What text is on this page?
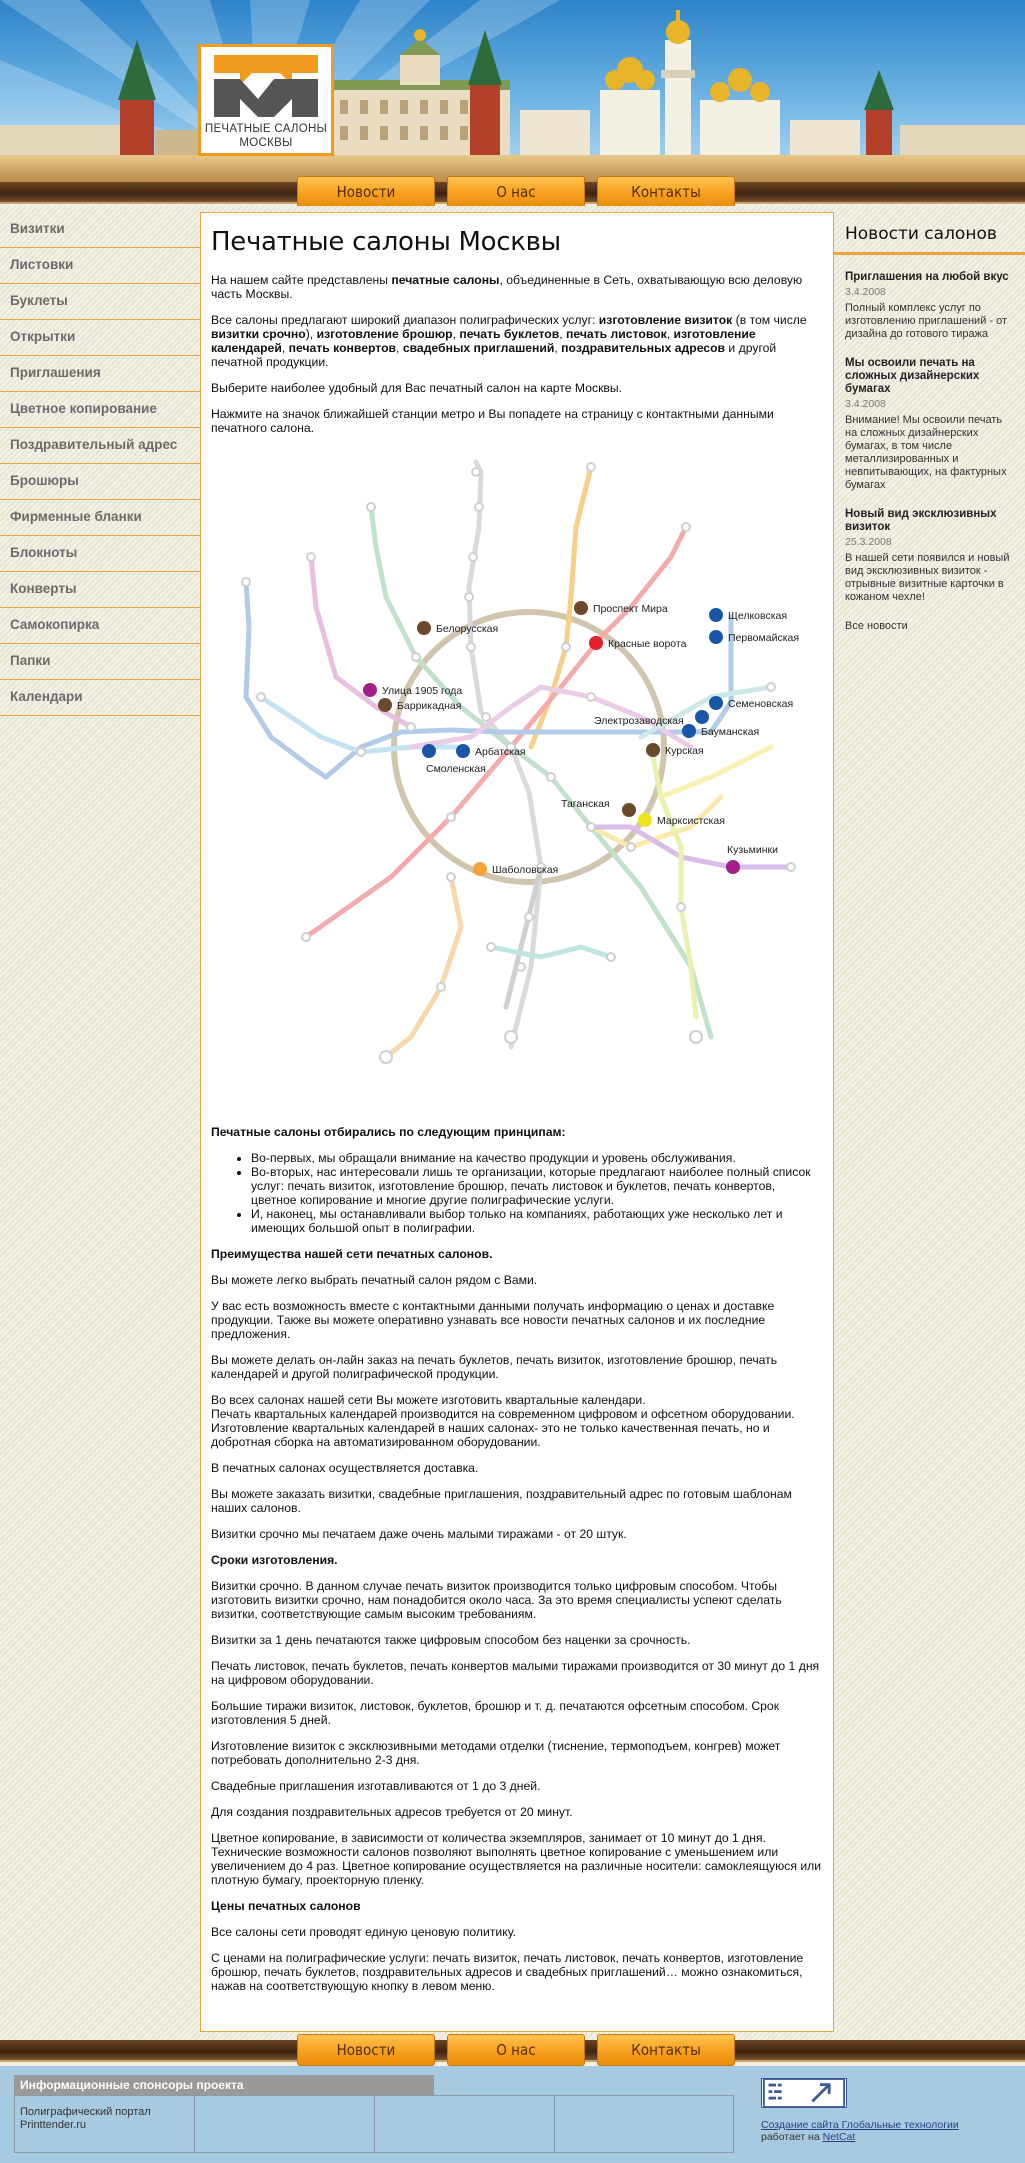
ПЕЧАТНЫЕ САЛОНЫ
МОСКВЫ
Новости	О нас	Контакты
Визитки
Листовки
Буклеты
Открытки
Приглашения
Цветное копирование
Поздравительный адрес
Брошюры
Фирменные бланки
Блокноты
Конверты
Самокопирка
Папки
Календари
Печатные салоны Москвы

На нашем сайте представлены печатные салоны, объединенные в Сеть, охватывающую всю деловую часть Москвы.

Все салоны предлагают широкий диапазон полиграфических услуг: изготовление визиток (в том числе визитки срочно), изготовление брошюр, печать буклетов, печать листовок, изготовление календарей, печать конвертов, свадебных приглашений, поздравительных адресов и другой печатной продукции.

Выберите наиболее удобный для Вас печатный салон на карте Москвы.

Нажмите на значок ближайшей станции метро и Вы попадете на страницу с контактными данными печатного салона.

Проспект Мира
Белорусская
Красные ворота
Щелковская
Первомайская
Улица 1905 года
Баррикадная
Электрозаводская
Семеновская
Бауманская
Арбатская	Курская
Смоленская
Таганская
Марксистская
Кузьминки
Шаболовская

Печатные салоны отбирались по следующим принципам:

• Во-первых, мы обращали внимание на качество продукции и уровень обслуживания.
• Во-вторых, нас интересовали лишь те организации, которые предлагают наиболее полный список услуг: печать визиток, изготовление брошюр, печать листовок и буклетов, печать конвертов, цветное копирование и многие другие полиграфические услуги.
• И, наконец, мы останавливали выбор только на компаниях, работающих уже несколько лет и имеющих большой опыт в полиграфии.

Преимущества нашей сети печатных салонов.

Вы можете легко выбрать печатный салон рядом с Вами.

У вас есть возможность вместе с контактными данными получать информацию о ценах и доставке продукции. Также вы можете оперативно узнавать все новости печатных салонов и их последние предложения.

Вы можете делать он-лайн заказ на печать буклетов, печать визиток, изготовление брошюр, печать календарей и другой полиграфической продукции.

Во всех салонах нашей сети Вы можете изготовить квартальные календари.
Печать квартальных календарей производится на современном цифровом и офсетном оборудовании. Изготовление квартальных календарей в наших салонах- это не только качественная печать, но и добротная сборка на автоматизированном оборудовании.

В печатных салонах осуществляется доставка.

Вы можете заказать визитки, свадебные приглашения, поздравительный адрес по готовым шаблонам наших салонов.

Визитки срочно мы печатаем даже очень малыми тиражами - от 20 штук.

Сроки изготовления.

Визитки срочно. В данном случае печать визиток производится только цифровым способом. Чтобы изготовить визитки срочно, нам понадобится около часа. За это время специалисты успеют сделать визитки, соответствующие самым высоким требованиям.

Визитки за 1 день печатаются также цифровым способом без наценки за срочность.

Печать листовок, печать буклетов, печать конвертов малыми тиражами производится от 30 минут до 1 дня на цифровом оборудовании.

Большие тиражи визиток, листовок, буклетов, брошюр и т. д. печатаются офсетным способом. Срок изготовления 5 дней.

Изготовление визиток с эксклюзивными методами отделки (тиснение, термоподъем, конгрев) может потребовать дополнительно 2-3 дня.

Свадебные приглашения изготавливаются от 1 до 3 дней.

Для создания поздравительных адресов требуется от 20 минут.

Цветное копирование, в зависимости от количества экземпляров, занимает от 10 минут до 1 дня. Технические возможности салонов позволяют выполнять цветное копирование с уменьшением или увеличением до 4 раз. Цветное копирование осуществляется на различные носители: самоклеящуюся или плотную бумагу, проекторную пленку.

Цены печатных салонов

Все салоны сети проводят единую ценовую политику.

С ценами на полиграфические услуги: печать визиток, печать листовок, печать конвертов, изготовление брошюр, печать буклетов, поздравительных адресов и свадебных приглашений… можно ознакомиться, нажав на соответствующую кнопку в левом меню.

Новости салонов
Приглашения на любой вкус
3.4.2008
Полный комплекс услуг по изготовлению приглашений - от дизайна до готового тиража
Мы освоили печать на сложных дизайнерских бумагах
3.4.2008
Внимание! Мы освоили печать на сложных дизайнерских бумагах, в том числе металлизированных и невпитывающих, на фактурных бумагах
Новый вид эксклюзивных визиток
25.3.2008
В нашей сети появился и новый вид эксклюзивных визиток - отрывные визитные карточки в кожаном чехле!
Все новости
Новости	О нас	Контакты
Информационные спонсоры проекта
Полиграфический портал
Printtender.ru	Создание сайта Глобальные технологии
работает на NetCat
